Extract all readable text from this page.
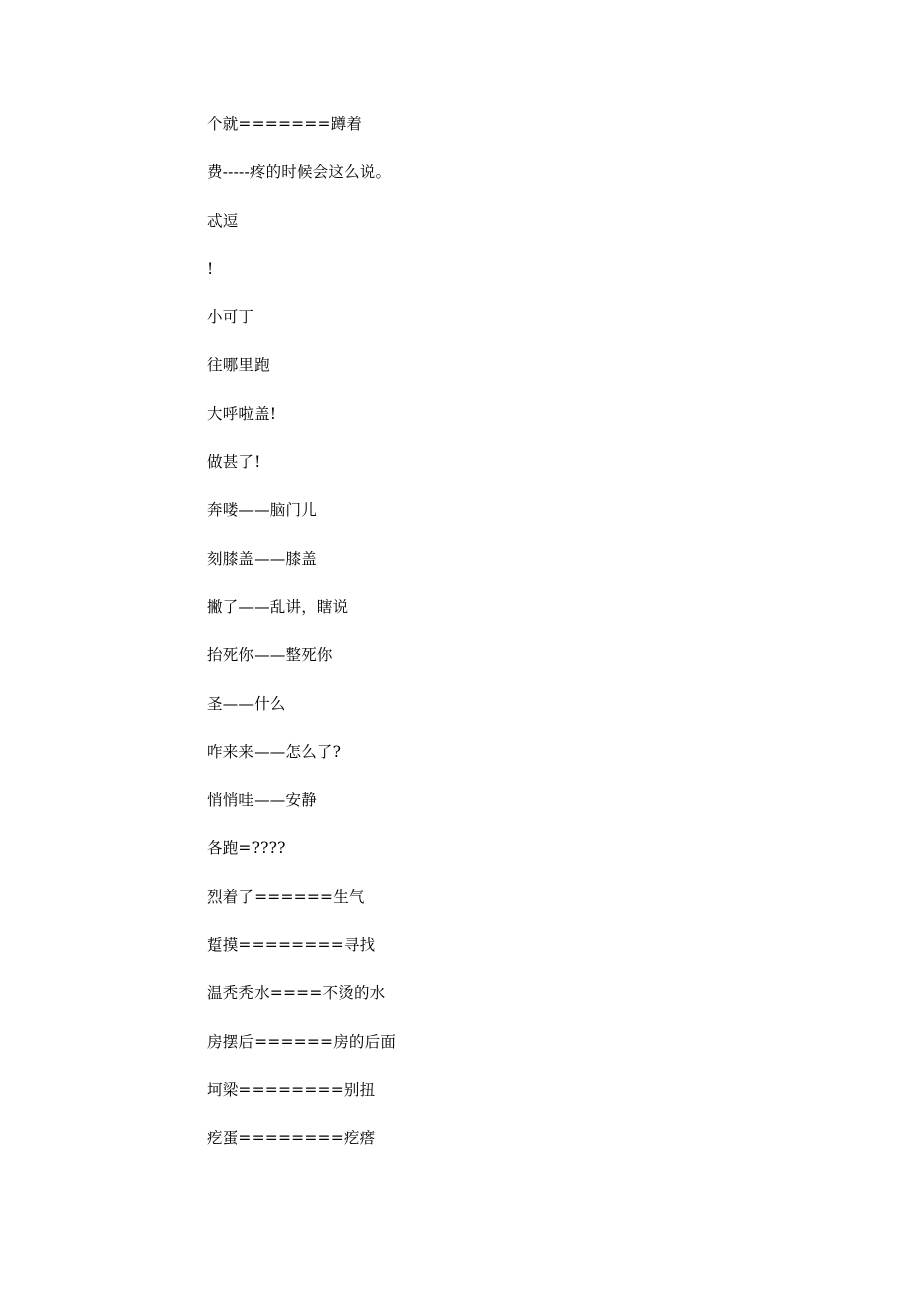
个就=======蹲着
费-----疼的时候会这么说。
忒逗
!
小可丁
往哪里跑
大呼啦盖!
做甚了!
奔喽——脑门儿
刻膝盖——膝盖
撇了——乱讲，瞎说
抬死你——整死你
圣——什么
咋来来——怎么了?
悄悄哇——安静
各跑=????
烈着了======生气
踅摸========寻找
温秃秃水====不烫的水
房摆后======房的后面
坷梁========别扭
疙蛋========疙瘩
